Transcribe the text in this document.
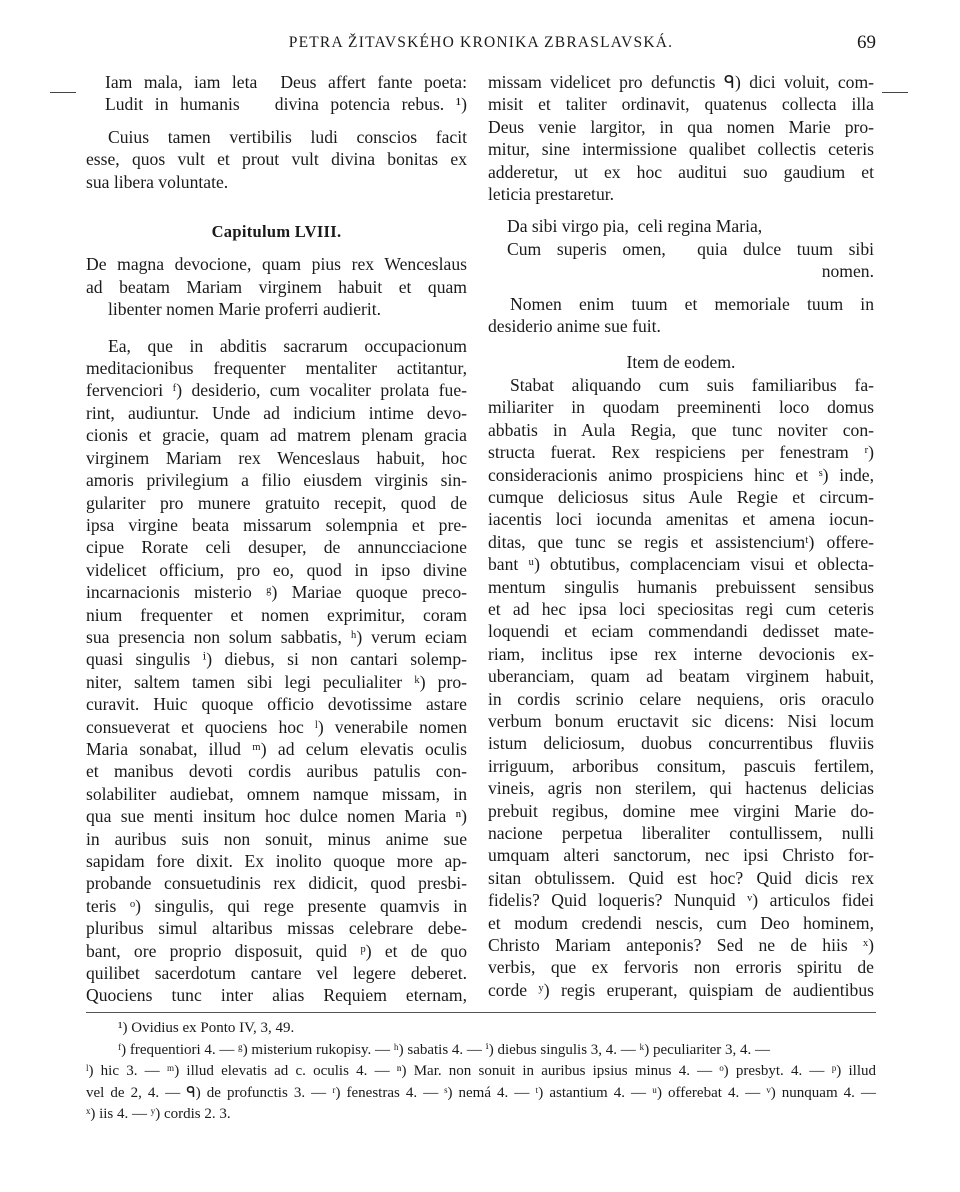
PETRA ŽITAVSKÉHO KRONIKA ZBRASLAVSKÁ.	69
Iam mala, iam leta  Deus affert fante poeta:
Ludit in humanis   divina potencia rebus. ¹)
Cuius tamen vertibilis ludi conscios facit
esse, quos vult et prout vult divina bonitas ex
sua libera voluntate.
Capitulum LVIII.
De magna devocione, quam pius rex Wenceslaus
ad beatam Mariam virginem habuit et quam
libenter nomen Marie proferri audierit.
Ea, que in abditis sacrarum occupacionum
meditacionibus frequenter mentaliter actitantur,
fervenciori ᶠ) desiderio, cum vocaliter prolata fue-
rint, audiuntur. Unde ad indicium intime devo-
cionis et gracie, quam ad matrem plenam gracia
virginem Mariam rex Wenceslaus habuit, hoc
amoris privilegium a filio eiusdem virginis sin-
gulariter pro munere gratuito recepit, quod de
ipsa virgine beata missarum solempnia et pre-
cipue Rorate celi desuper, de annuncciacione
videlicet officium, pro eo, quod in ipso divine
incarnacionis misterio ᵍ) Mariae quoque preco-
nium frequenter et nomen exprimitur, coram
sua presencia non solum sabbatis, ʰ) verum eciam
quasi singulis ⁱ) diebus, si non cantari solemp-
niter, saltem tamen sibi legi peculialiter ᵏ) pro-
curavit. Huic quoque officio devotissime astare
consueverat et quociens hoc ˡ) venerabile nomen
Maria sonabat, illud ᵐ) ad celum elevatis oculis
et manibus devoti cordis auribus patulis con-
solabiliter audiebat, omnem namque missam, in
qua sue menti insitum hoc dulce nomen Maria ⁿ)
in auribus suis non sonuit, minus anime sue
sapidam fore dixit. Ex inolito quoque more ap-
probande consuetudinis rex didicit, quod presbi-
teris ᵒ) singulis, qui rege presente quamvis in
pluribus simul altaribus missas celebrare debe-
bant, ore proprio disposuit, quid ᵖ) et de quo
quilibet sacerdotum cantare vel legere deberet.
Quociens tunc inter alias Requiem eternam,
missam videlicet pro defunctis ᑫ) dici voluit, com-
misit et taliter ordinavit, quatenus collecta illa
Deus venie largitor, in qua nomen Marie pro-
mitur, sine intermissione qualibet collectis ceteris
adderetur, ut ex hoc auditui suo gaudium et
leticia prestaretur.
Da sibi virgo pia,  celi regina Maria,
Cum superis omen,  quia dulce tuum sibi
nomen.
Nomen enim tuum et memoriale tuum in
desiderio anime sue fuit.
Item de eodem.
Stabat aliquando cum suis familiaribus fa-
miliariter in quodam preeminenti loco domus
abbatis in Aula Regia, que tunc noviter con-
structa fuerat. Rex respiciens per fenestram ʳ)
consideracionis animo prospiciens hinc et ˢ) inde,
cumque deliciosus situs Aule Regie et circum-
iacentis loci iocunda amenitas et amena iocun-
ditas, que tunc se regis et assistenciumᵗ) offere-
bant ᵘ) obtutibus, complacenciam visui et oblecta-
mentum singulis humanis prebuissent sensibus
et ad hec ipsa loci speciositas regi cum ceteris
loquendi et eciam commendandi dedisset mate-
riam, inclitus ipse rex interne devocionis ex-
uberanciam, quam ad beatam virginem habuit,
in cordis scrinio celare nequiens, oris oraculo
verbum bonum eructavit sic dicens: Nisi locum
istum deliciosum, duobus concurrentibus fluviis
irriguum, arboribus consitum, pascuis fertilem,
vineis, agris non sterilem, qui hactenus delicias
prebuit regibus, domine mee virgini Marie do-
nacione perpetua liberaliter contullissem, nulli
umquam alteri sanctorum, nec ipsi Christo for-
sitan obtulissem. Quid est hoc? Quid dicis rex
fidelis? Quid loqueris? Nunquid ᵛ) articulos fidei
et modum credendi nescis, cum Deo hominem,
Christo Mariam anteponis? Sed ne de hiis ˣ)
verbis, que ex fervoris non erroris spiritu de
corde ʸ) regis eruperant, quispiam de audientibus
¹) Ovidius ex Ponto IV, 3, 49.
ᶠ) frequentiori 4. — ᵍ) misterium rukopisy. — ʰ) sabatis 4. — ⁱ) diebus singulis 3, 4. — ᵏ) peculiariter 3, 4. —
ˡ) hic 3. — ᵐ) illud elevatis ad c. oculis 4. — ⁿ) Mar. non sonuit in auribus ipsius minus 4. — ᵒ) presbyt. 4. — ᵖ) illud
vel de 2, 4. — ᑫ) de profunctis 3. — ʳ) fenestras 4. — ˢ) nemá 4. — ᵗ) astantium 4. — ᵘ) offerebat 4. — ᵛ) nunquam 4. —
ˣ) iis 4. — ʸ) cordis 2. 3.
